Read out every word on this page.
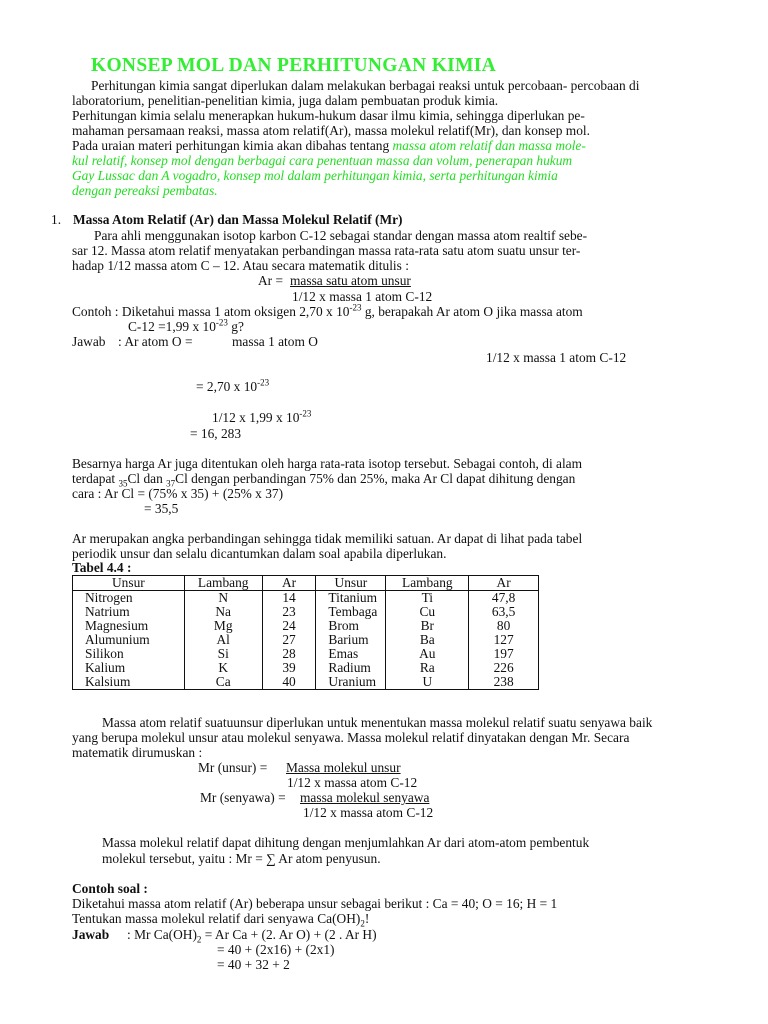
KONSEP MOL DAN PERHITUNGAN KIMIA
Perhitungan kimia sangat diperlukan dalam melakukan berbagai reaksi untuk percobaan- percobaan di
laboratorium, penelitian-penelitian kimia, juga dalam pembuatan produk kimia.
Perhitungan kimia selalu menerapkan hukum-hukum dasar ilmu kimia, sehingga diperlukan pe-
mahaman persamaan reaksi, massa atom relatif(Ar), massa molekul relatif(Mr), dan konsep mol.
Pada uraian materi perhitungan kimia akan dibahas tentang massa atom relatif dan massa mole-
kul relatif, konsep mol dengan berbagai cara penentuan massa dan volum, penerapan hukum
Gay Lussac dan A vogadro, konsep mol dalam perhitungan kimia, serta perhitungan kimia
dengan pereaksi pembatas.
1. Massa Atom Relatif (Ar) dan Massa Molekul Relatif (Mr)
Para ahli menggunakan isotop karbon C-12 sebagai standar dengan massa atom realtif sebe-
sar 12. Massa atom relatif menyatakan perbandingan massa rata-rata satu atom suatu unsur ter-
hadap 1/12 massa atom C – 12. Atau secara matematik ditulis :
Ar = massa satu atom unsur
1/12 x massa 1 atom C-12
Contoh : Diketahui massa 1 atom oksigen 2,70 x $10^{-23}$ g, berapakah Ar atom O jika massa atom
C-12 =1,99 x $10^{-23}$ g?
Jawab : Ar atom O =	massa 1 atom O
1/12 x massa 1 atom C-12
= 2,70 x $10^{-23}$
1/12 x 1,99 x $10^{-23}$
= 16, 283
Besarnya harga Ar juga ditentukan oleh harga rata-rata isotop tersebut. Sebagai contoh, di alam
terdapat $_{35}$Cl dan $_{37}$Cl dengan perbandingan 75% dan 25%, maka Ar Cl dapat dihitung dengan
cara : Ar Cl = (75% x 35) + (25% x 37)
= 35,5
Ar merupakan angka perbandingan sehingga tidak memiliki satuan. Ar dapat di lihat pada tabel
periodik unsur dan selalu dicantumkan dalam soal apabila diperlukan.
Tabel 4.4 :
Unsur	Lambang	Ar	Unsur	Lambang	Ar
Nitrogen	N	14	Titanium	Ti	47,8
Natrium	Na	23	Tembaga	Cu	63,5
Magnesium	Mg	24	Brom	Br	80
Alumunium	Al	27	Barium	Ba	127
Silikon	Si	28	Emas	Au	197
Kalium	K	39	Radium	Ra	226
Kalsium	Ca	40	Uranium	U	238
Massa atom relatif suatuunsur diperlukan untuk menentukan massa molekul relatif suatu senyawa baik
yang berupa molekul unsur atau molekul senyawa. Massa molekul relatif dinyatakan dengan Mr. Secara
matematik dirumuskan :
Mr (unsur) = Massa molekul unsur
1/12 x massa atom C-12
Mr (senyawa) = massa molekul senyawa
1/12 x massa atom C-12
Massa molekul relatif dapat dihitung dengan menjumlahkan Ar dari atom-atom pembentuk
molekul tersebut, yaitu : Mr = ∑ Ar atom penyusun.
Contoh soal :
Diketahui massa atom relatif (Ar) beberapa unsur sebagai berikut : Ca = 40; O = 16; H = 1
Tentukan massa molekul relatif dari senyawa $Ca(OH)_2$!
Jawab : Mr $Ca(OH)_2 = Ar$ Ca + (2. Ar O) + (2 . Ar H)
= 40 + (2x16) + (2x1)
= 40 + 32 + 2
